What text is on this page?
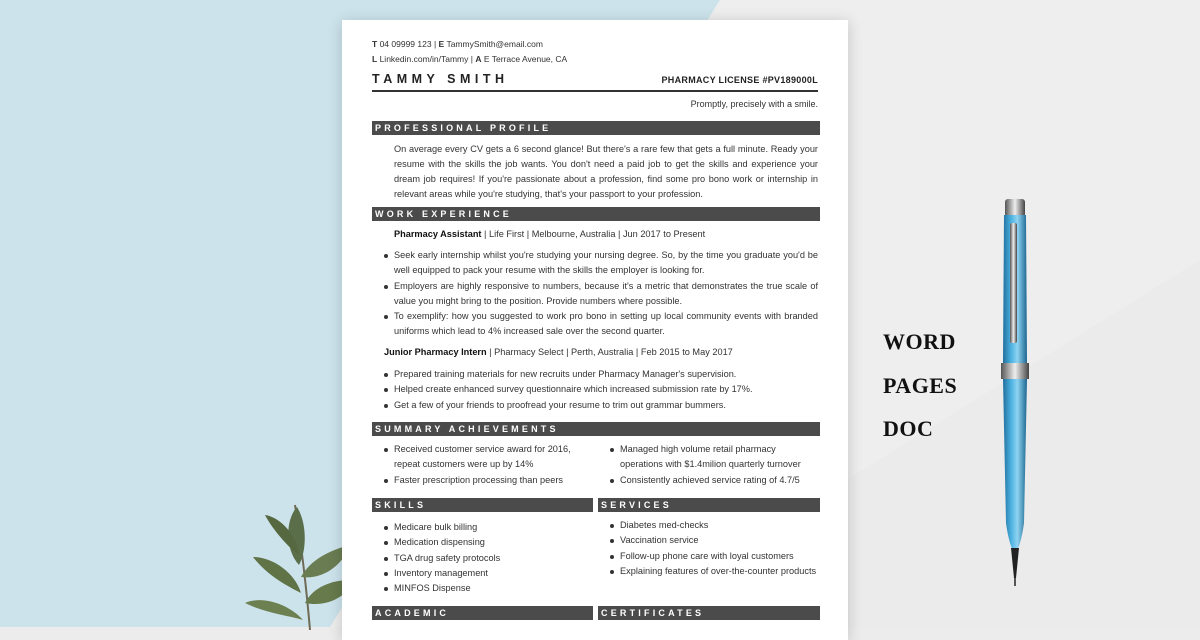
T 04 09999 123 | E TammySmith@email.com
L Linkedin.com/in/Tammy | A E Terrace Avenue, CA
TAMMY SMITH	PHARMACY LICENSE #PV189000L
Promptly, precisely with a smile.
PROFESSIONAL PROFILE
On average every CV gets a 6 second glance! But there's a rare few that gets a full minute. Ready your resume with the skills the job wants. You don't need a paid job to get the skills and experience your dream job requires! If you're passionate about a profession, find some pro bono work or internship in relevant areas while you're studying, that's your passport to your profession.
WORK EXPERIENCE
Pharmacy Assistant | Life First | Melbourne, Australia | Jun 2017 to Present
Seek early internship whilst you're studying your nursing degree. So, by the time you graduate you'd be well equipped to pack your resume with the skills the employer is looking for.
Employers are highly responsive to numbers, because it's a metric that demonstrates the true scale of value you might bring to the position. Provide numbers where possible.
To exemplify: how you suggested to work pro bono in setting up local community events with branded uniforms which lead to 4% increased sale over the second quarter.
Junior Pharmacy Intern | Pharmacy Select | Perth, Australia | Feb 2015 to May 2017
Prepared training materials for new recruits under Pharmacy Manager's supervision.
Helped create enhanced survey questionnaire which increased submission rate by 17%.
Get a few of your friends to proofread your resume to trim out grammar bummers.
SUMMARY ACHIEVEMENTS
Received customer service award for 2016, repeat customers were up by 14%
Faster prescription processing than peers
Managed high volume retail pharmacy operations with $1.4milion quarterly turnover
Consistently achieved service rating of 4.7/5
SKILLS	SERVICES
Medicare bulk billing
Medication dispensing
TGA drug safety protocols
Inventory management
MINFOS Dispense
Diabetes med-checks
Vaccination service
Follow-up phone care with loyal customers
Explaining features of over-the-counter products
ACADEMIC	CERTIFICATES
WORD
PAGES
DOC
